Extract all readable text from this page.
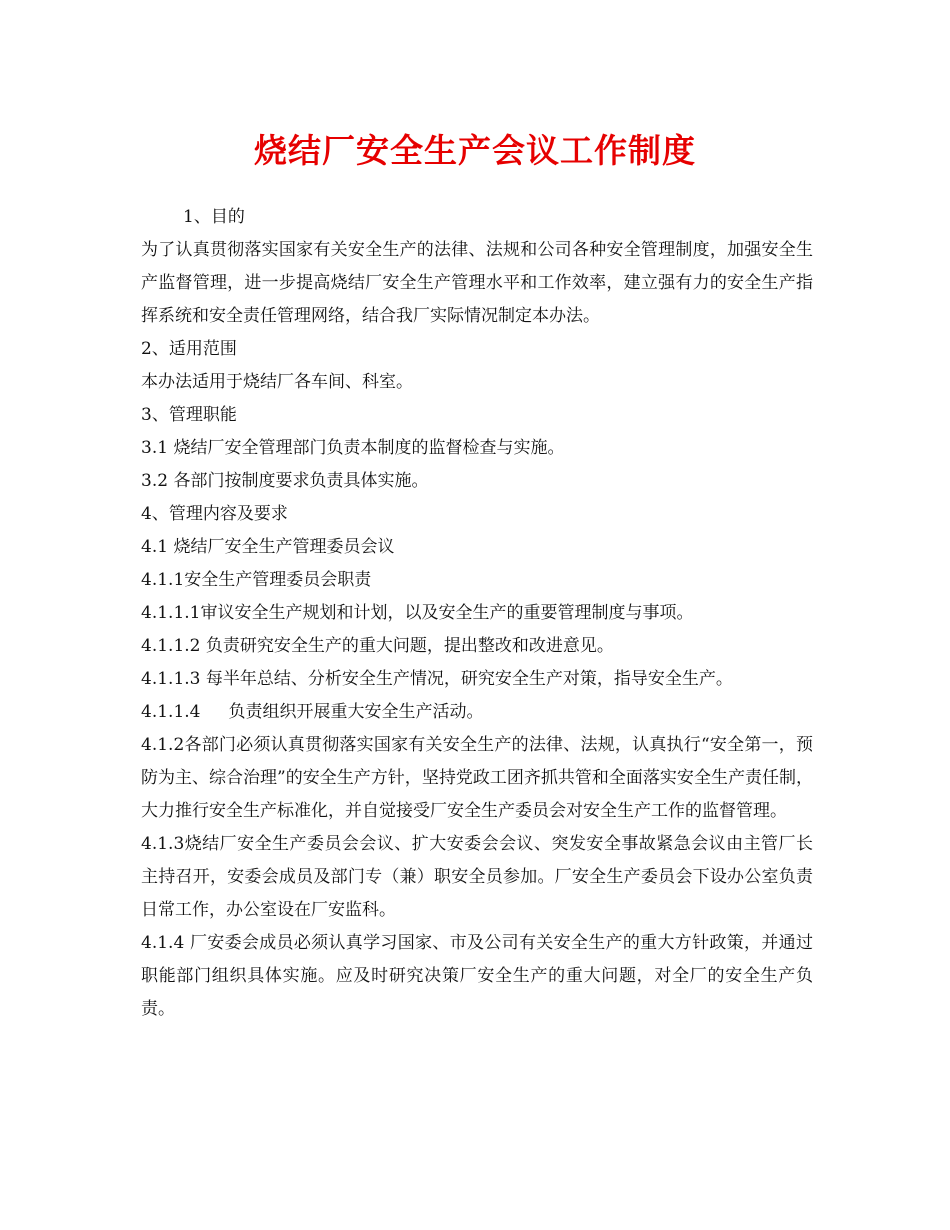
烧结厂安全生产会议工作制度

1、目的

为了认真贯彻落实国家有关安全生产的法律、法规和公司各种安全管理制度，加强安全生产监督管理，进一步提高烧结厂安全生产管理水平和工作效率，建立强有力的安全生产指挥系统和安全责任管理网络，结合我厂实际情况制定本办法。

2、适用范围

本办法适用于烧结厂各车间、科室。

3、管理职能

3.1 烧结厂安全管理部门负责本制度的监督检查与实施。

3.2 各部门按制度要求负责具体实施。

4、管理内容及要求

4.1 烧结厂安全生产管理委员会议

4.1.1安全生产管理委员会职责

4.1.1.1审议安全生产规划和计划，以及安全生产的重要管理制度与事项。

4.1.1.2 负责研究安全生产的重大问题，提出整改和改进意见。

4.1.1.3 每半年总结、分析安全生产情况，研究安全生产对策，指导安全生产。

4.1.1.4 负责组织开展重大安全生产活动。

4.1.2各部门必须认真贯彻落实国家有关安全生产的法律、法规，认真执行“安全第一，预防为主、综合治理”的安全生产方针，坚持党政工团齐抓共管和全面落实安全生产责任制，大力推行安全生产标准化，并自觉接受厂安全生产委员会对安全生产工作的监督管理。

4.1.3烧结厂安全生产委员会会议、扩大安委会会议、突发安全事故紧急会议由主管厂长主持召开，安委会成员及部门专（兼）职安全员参加。厂安全生产委员会下设办公室负责日常工作，办公室设在厂安监科。

4.1.4 厂安委会成员必须认真学习国家、市及公司有关安全生产的重大方针政策，并通过职能部门组织具体实施。应及时研究决策厂安全生产的重大问题，对全厂的安全生产负责。
